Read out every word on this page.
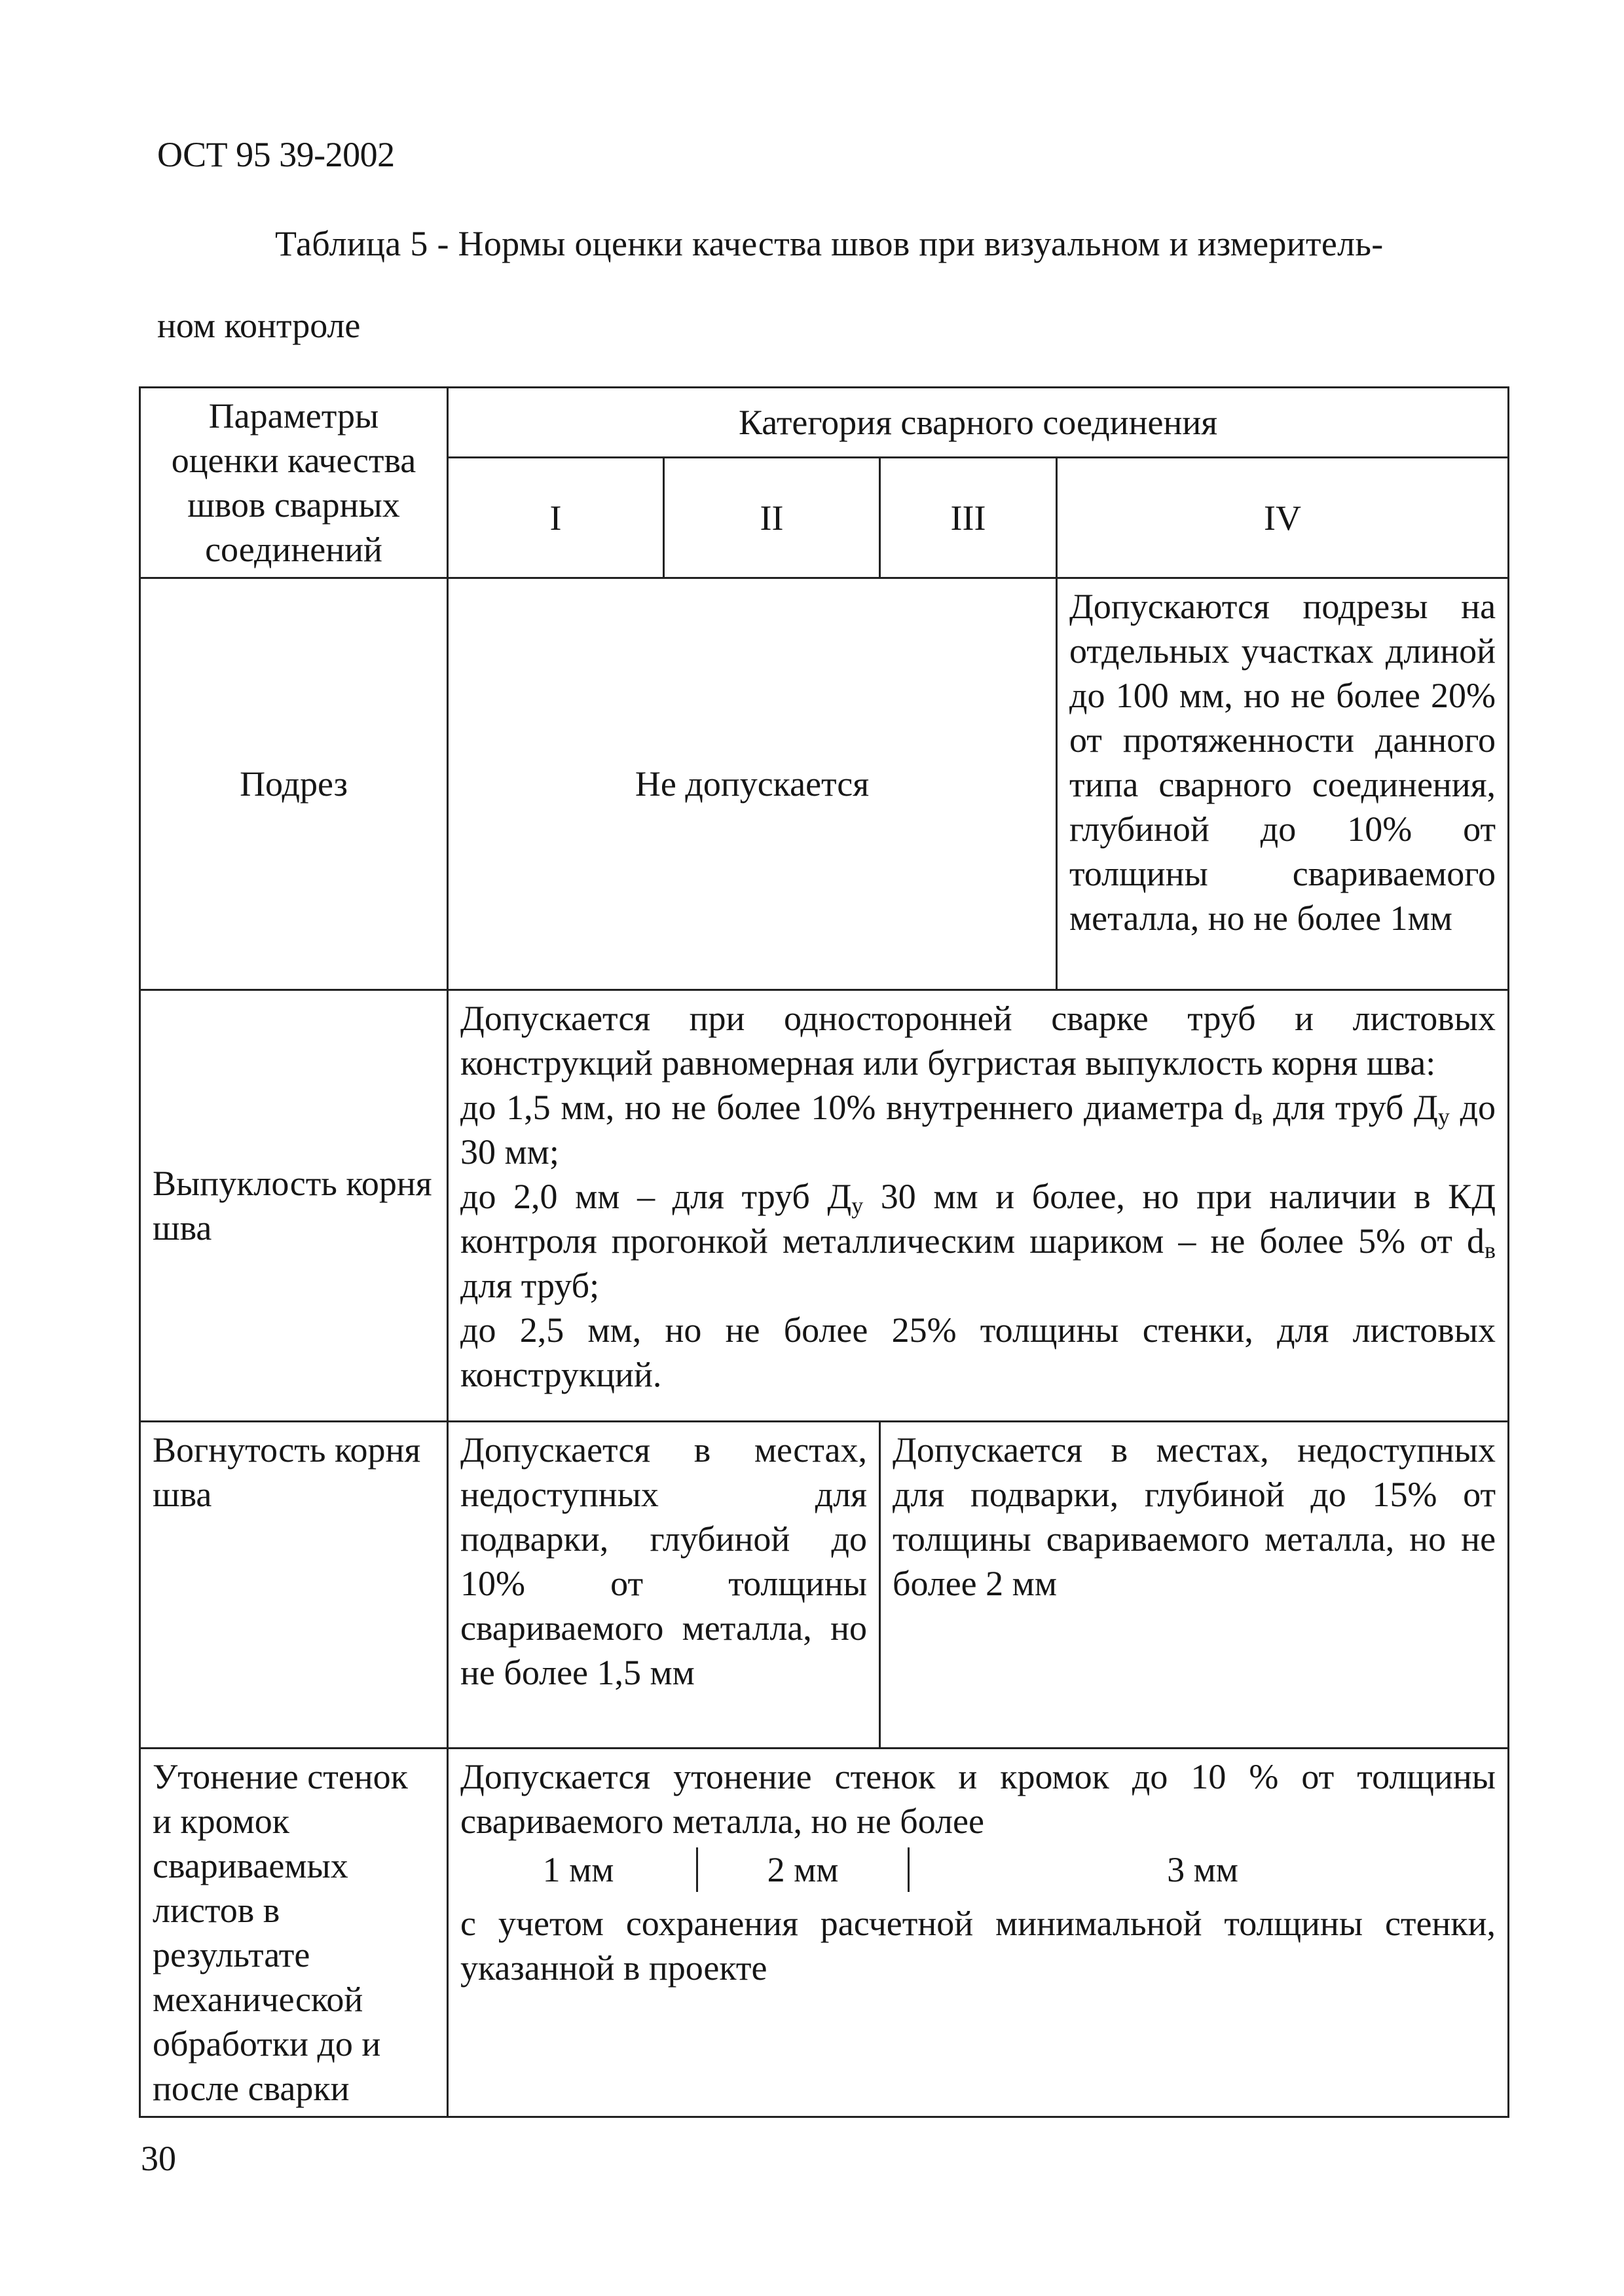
ОСТ 95 39-2002
Таблица 5 - Нормы оценки качества швов при визуальном и измеритель-
ном контроле
Параметры оценки качества швов сварных соединений	Категория сварного соединения			
	I	II	III	IV
Подрез	Не допускается			Допускаются подрезы на отдельных участках длиной до 100 мм, но не более 20% от протяженности данного типа сварного соединения, глубиной до 10% от толщины свариваемого металла, но не более 1мм
Выпуклость корня шва	Допускается при односторонней сварке труб и листовых конструкций равномерная или бугристая выпуклость корня шва:
до 1,5 мм, но не более 10% внутреннего диаметра $d_в$ для труб $Д_у$ до 30 мм;
до 2,0 мм – для труб $Д_у$ 30 мм и более, но при наличии в КД контроля прогонкой металлическим шариком – не более 5% от $d_в$ для труб;
до 2,5 мм, но не более 25% толщины стенки, для листовых конструкций.			
Вогнутость корня шва	Допускается в местах, недоступных для подварки, глубиной до 10% от толщины свариваемого металла, но не более 1,5 мм		Допускается в местах, недоступных для подварки, глубиной до 15% от толщины свариваемого металла, но не более 2 мм	
Утонение стенок и кромок свариваемых листов в результате механической обработки до и после сварки	Допускается утонение стенок и кромок до 10 % от толщины свариваемого металла, но не более
1 мм 2 мм 3 мм
с учетом сохранения расчетной минимальной толщины стенки, указанной в проекте			
30
